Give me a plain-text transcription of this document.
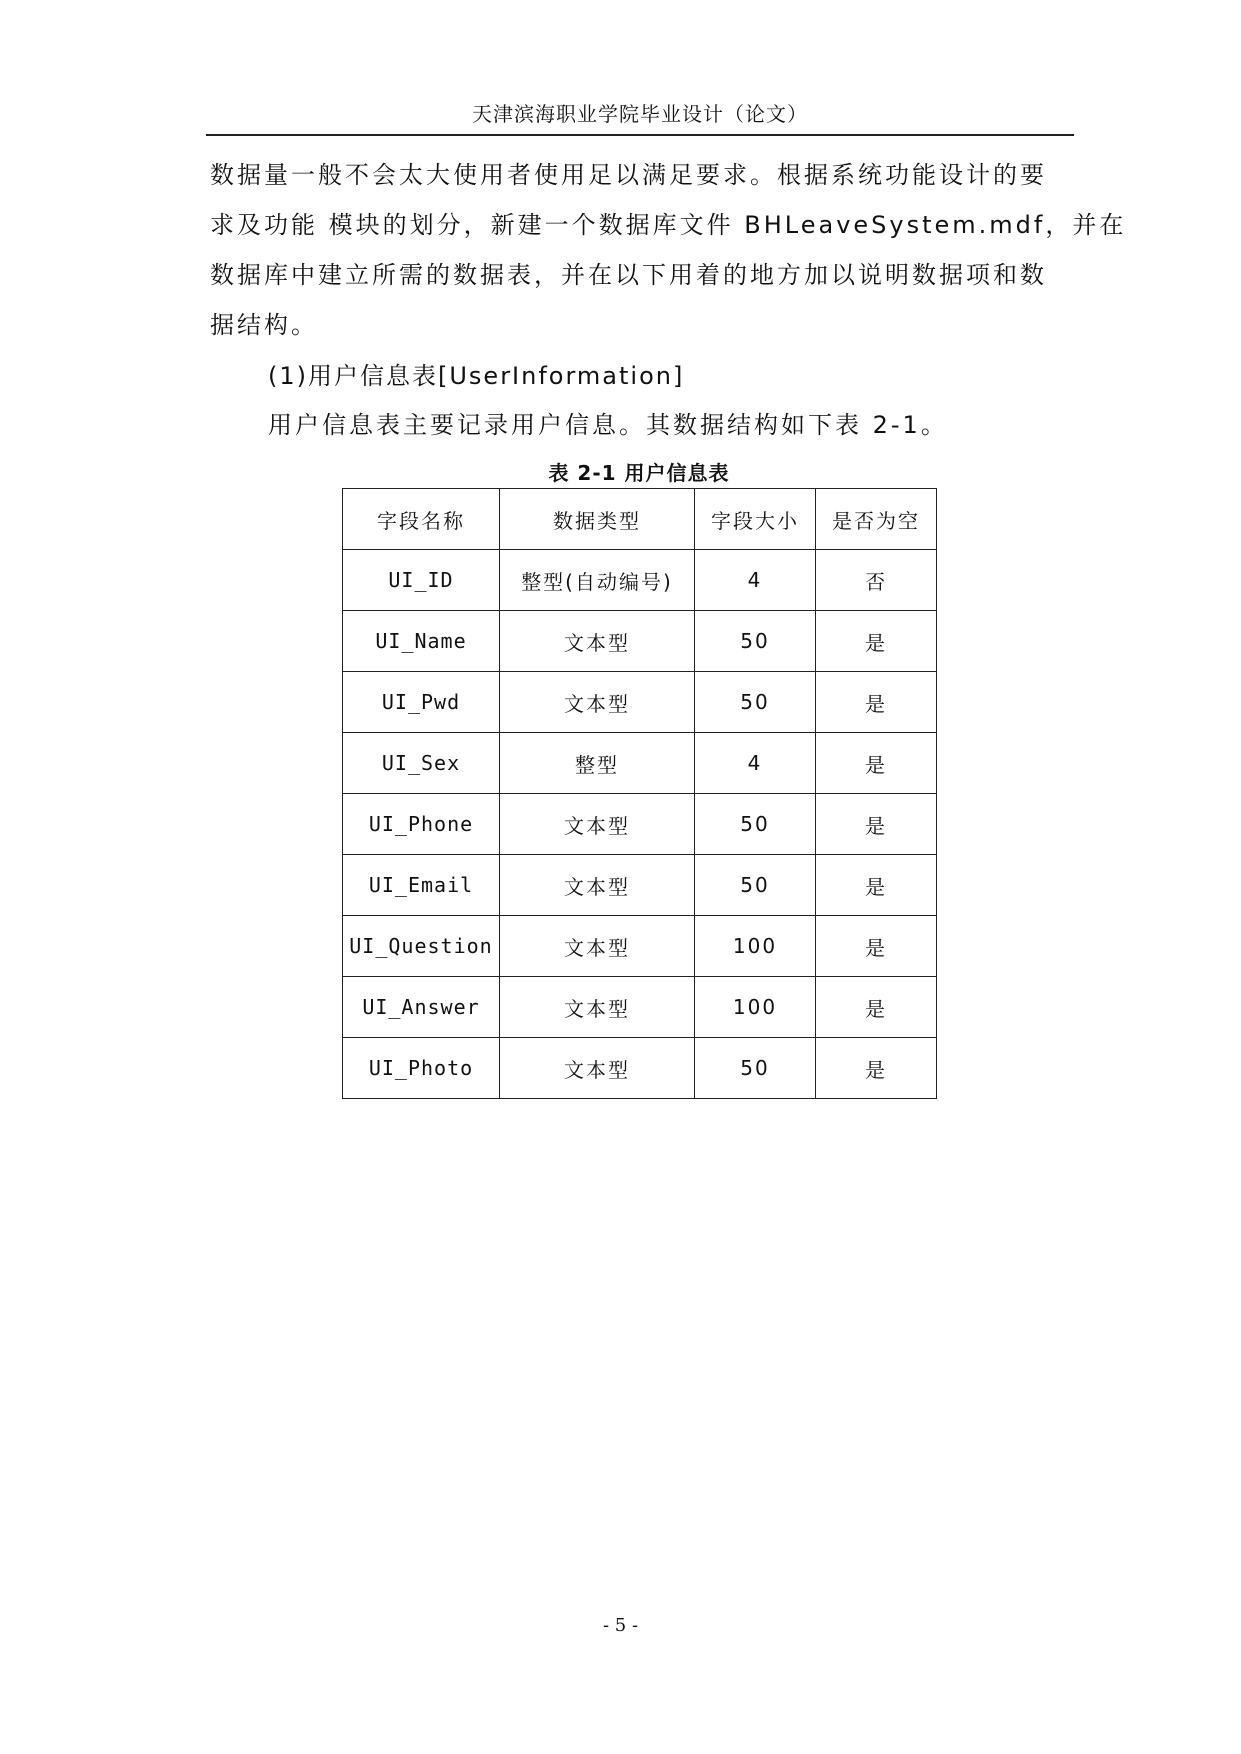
天津滨海职业学院毕业设计（论文）

数据量一般不会太大使用者使用足以满足要求。根据系统功能设计的要
求及功能 模块的划分，新建一个数据库文件 BHLeaveSystem.mdf，并在
数据库中建立所需的数据表，并在以下用着的地方加以说明数据项和数
据结构。

(1)用户信息表[UserInformation]

用户信息表主要记录用户信息。其数据结构如下表 2-1。

表 2-1 用户信息表
字段名称	数据类型	字段大小	是否为空
UI_ID	整型(自动编号)	4	否
UI_Name	文本型	50	是
UI_Pwd	文本型	50	是
UI_Sex	整型	4	是
UI_Phone	文本型	50	是
UI_Email	文本型	50	是
UI_Question	文本型	100	是
UI_Answer	文本型	100	是
UI_Photo	文本型	50	是
- 5 -
